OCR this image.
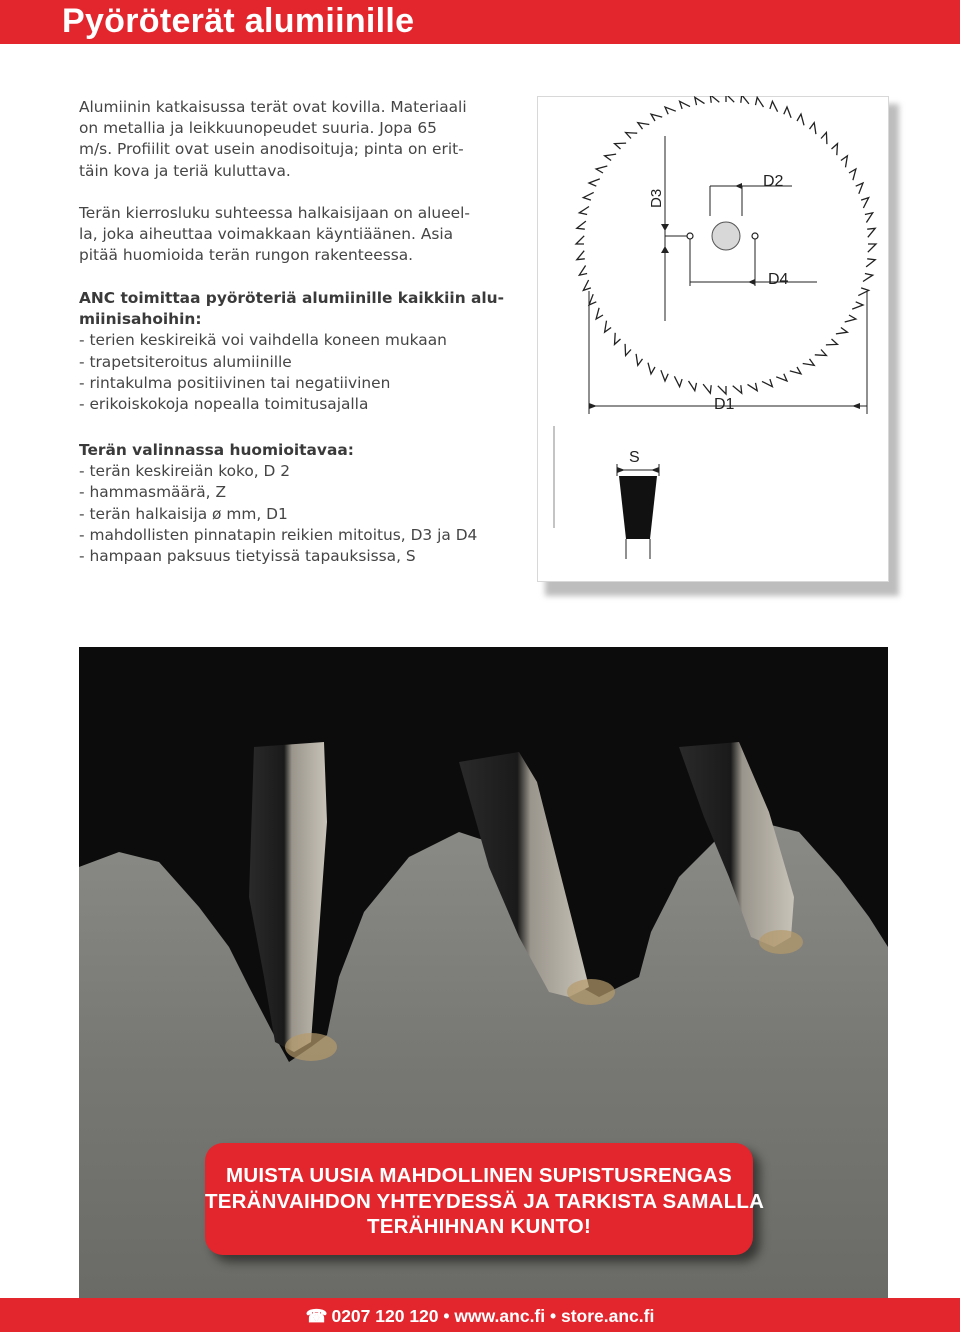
Pyöröterät alumiinille
Alumiinin katkaisussa terät ovat kovilla. Materiaali
on metallia ja leikkuunopeudet suuria. Jopa 65
m/s. Profiilit ovat usein anodisoituja; pinta on erit-
täin kova ja teriä kuluttava.
Terän kierrosluku suhteessa halkaisijaan on alueel-
la, joka aiheuttaa voimakkaan käyntiäänen. Asia
pitää huomioida terän rungon rakenteessa.
ANC toimittaa pyöröteriä alumiinille kaikkiin alu-
miinisahoihin:
- terien keskireikä voi vaihdella koneen mukaan
- trapetsiteroitus alumiinille
- rintakulma positiivinen tai negatiivinen
- erikoiskokoja nopealla toimitusajalla
Terän valinnassa huomioitavaa:
- terän keskireiän koko, D 2
- hammasmäärä, Z
- terän halkaisija ø mm, D1
- mahdollisten pinnatapin reikien mitoitus, D3 ja D4
- hampaan paksuus tietyissä tapauksissa, S
D3
D2
D4
D1
S
MUISTA UUSIA MAHDOLLINEN SUPISTUSRENGAS
TERÄNVAIHDON YHTEYDESSÄ JA TARKISTA SAMALLA
TERÄHIHNAN KUNTO!
☎ 0207 120 120 • www.anc.fi • store.anc.fi
